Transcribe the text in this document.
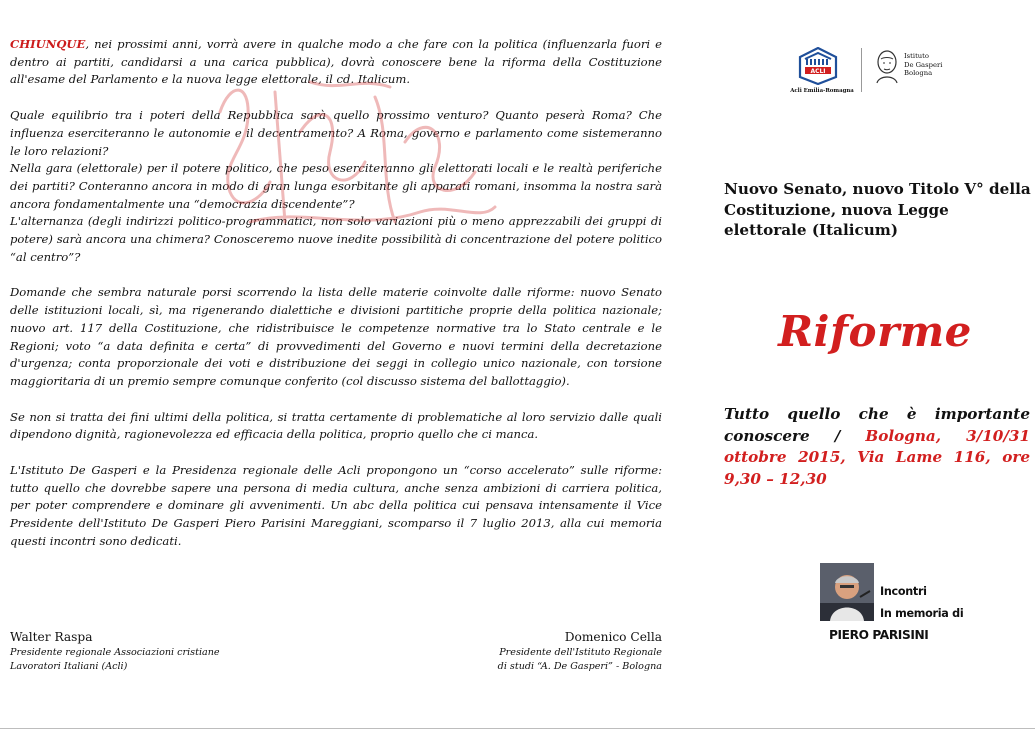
CHIUNQUE, nei prossimi anni, vorrà avere in qualche modo a che fare con la politica (influenzarla fuori e dentro ai partiti, candidarsi a una carica pubblica), dovrà conoscere bene la riforma della Costituzione all'esame del Parlamento e la nuova legge elettorale, il cd. Italicum.

Quale equilibrio tra i poteri della Repubblica sarà quello prossimo venturo? Quanto peserà Roma? Che influenza eserciteranno le autonomie e il decentramento? A Roma, governo e parlamento come sistemeranno le loro relazioni?
Nella gara (elettorale) per il potere politico, che peso eserciteranno gli elettorati locali e le realtà periferiche dei partiti? Conteranno ancora in modo di gran lunga esorbitante gli apparati romani, insomma la nostra sarà ancora fondamentalmente una “democrazia discendente”?
L'alternanza (degli indirizzi politico-programmatici, non solo variazioni più o meno apprezzabili dei gruppi di potere) sarà ancora una chimera? Conosceremo nuove inedite possibilità di concentrazione del potere politico “al centro”?

Domande che sembra naturale porsi scorrendo la lista delle materie coinvolte dalle riforme: nuovo Senato delle istituzioni locali, sì, ma rigenerando dialettiche e divisioni partitiche proprie della politica nazionale; nuovo art. 117 della Costituzione, che ridistribuisce le competenze normative tra lo Stato centrale e le Regioni; voto “a data definita e certa” di provvedimenti del Governo e nuovi termini della decretazione d'urgenza; conta proporzionale dei voti e distribuzione dei seggi in collegio unico nazionale, con torsione maggioritaria di un premio sempre comunque conferito (col discusso sistema del ballottaggio).

Se non si tratta dei fini ultimi della politica, si tratta certamente di problematiche al loro servizio dalle quali dipendono dignità, ragionevolezza ed efficacia della politica, proprio quello che ci manca.

L'Istituto De Gasperi e la Presidenza regionale delle Acli propongono un “corso accelerato” sulle riforme: tutto quello che dovrebbe sapere una persona di media cultura, anche senza ambizioni di carriera politica, per poter comprendere e dominare gli avvenimenti. Un abc della politica cui pensava intensamente il Vice Presidente dell'Istituto De Gasperi Piero Parisini Mareggiani, scomparso il 7 luglio 2013, alla cui memoria questi incontri sono dedicati.

Walter Raspa
Presidente regionale Associazioni cristiane
Lavoratori Italiani (Acli)
Domenico Cella
Presidente dell'Istituto Regionale
di studi “A. De Gasperi” - Bologna
ACLI
Acli Emilia-Romagna
Istituto
De Gasperi
Bologna
Nuovo Senato, nuovo Titolo V° della Costituzione, nuova Legge elettorale (Italicum)
Riforme
Tutto quello che è importante conoscere / Bologna, 3/10/31 ottobre 2015, Via Lame 116, ore 9,30 – 12,30
Incontri
In memoria di
PIERO PARISINI
